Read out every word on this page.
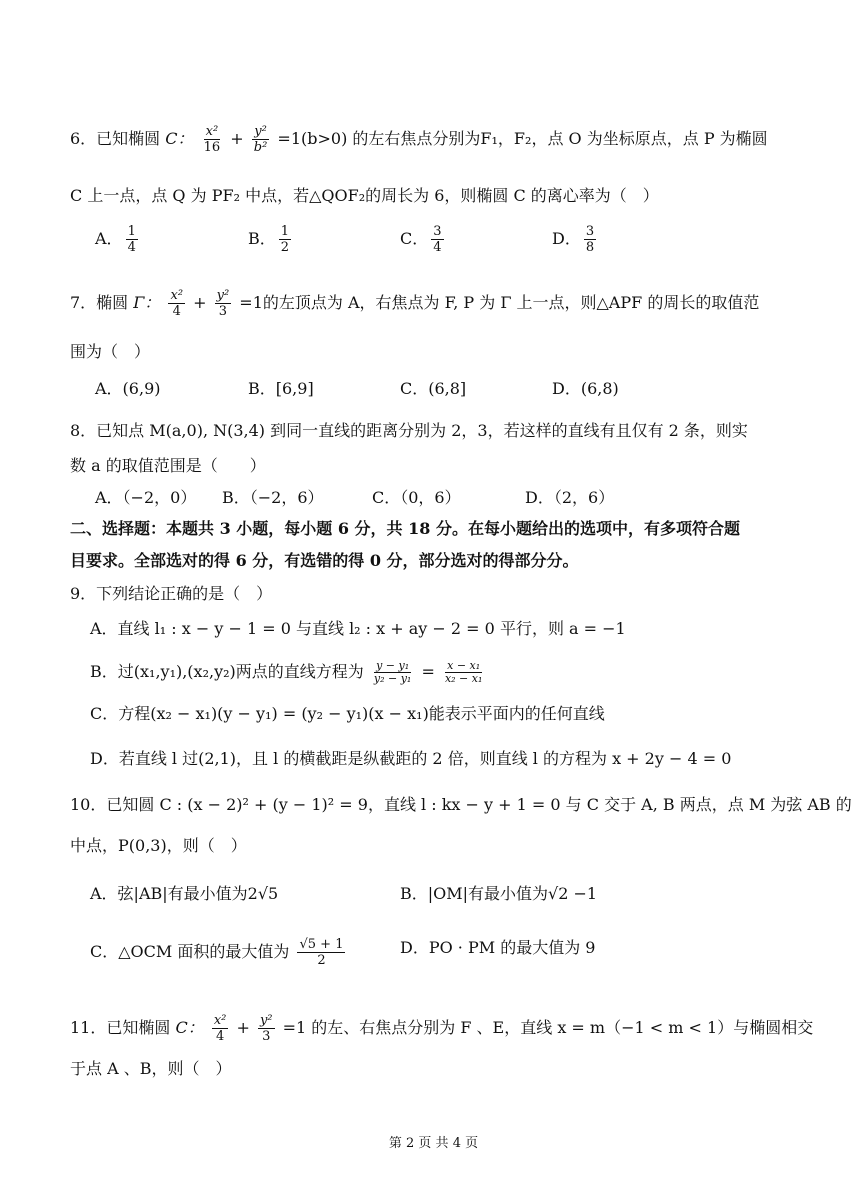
6．已知椭圆 C： $\frac{\text{x²}}{16} + \frac{\text{y²}}{\text{b²}} =1(b>0)$ 的左右焦点分别为F₁，F₂，点 O 为坐标原点，点 P 为椭圆
C 上一点，点 Q 为 PF₂ 中点，若△QOF₂的周长为 6，则椭圆 C 的离心率为（　）
A． $\frac{1}{4}$	B． $\frac{1}{2}$	C． $\frac{3}{4}$	D． $\frac{3}{8}$
7．椭圆 Γ： $\frac{\text{x²}}{4} + \frac{\text{y²}}{3} =1$的左顶点为 A，右焦点为 F, P 为 Γ 上一点，则△APF 的周长的取值范
围为（　）
A．(6,9)	B．[6,9]	C．(6,8]	D．(6,8)
8．已知点 M(a,0), N(3,4) 到同一直线的距离分别为 2，3，若这样的直线有且仅有 2 条，则实
数 a 的取值范围是（　　）
A．（−2，0） B．（−2，6）	C．（0，6）	D．（2，6）
二、选择题：本题共 3 小题，每小题 6 分，共 18 分。在每小题给出的选项中，有多项符合题
目要求。全部选对的得 6 分，有选错的得 0 分，部分选对的得部分分。
9．下列结论正确的是（　）
A．直线 l₁ : x − y − 1 = 0 与直线 l₂ : x + ay − 2 = 0 平行，则 a = −1
B．过(x₁,y₁),(x₂,y₂)两点的直线方程为 $\frac{\text{y − y₁}}{\text{y₂ − y₁}} = \frac{\text{x − x₁}}{\text{x₂ − x₁}}$
C．方程(x₂ − x₁)(y − y₁) = (y₂ − y₁)(x − x₁)能表示平面内的任何直线
D．若直线 l 过(2,1)，且 l 的横截距是纵截距的 2 倍，则直线 l 的方程为 x + 2y − 4 = 0
10．已知圆 C : (x − 2)² + (y − 1)² = 9，直线 l : kx − y + 1 = 0 与 C 交于 A, B 两点，点 M 为弦 AB 的
中点，P(0,3)，则（　）
A．弦|AB|有最小值为2√5	B．|OM|有最小值为√2 −1
C．△OCM 面积的最大值为 $\frac{√5 + 1}{2}$	D．PO · PM 的最大值为 9
11．已知椭圆 C： $\frac{\text{x²}}{4} + \frac{\text{y²}}{3} =1$ 的左、右焦点分别为 F 、E，直线 x = m（−1 < m < 1）与椭圆相交
于点 A 、B，则（　）
第 2 页 共 4 页
